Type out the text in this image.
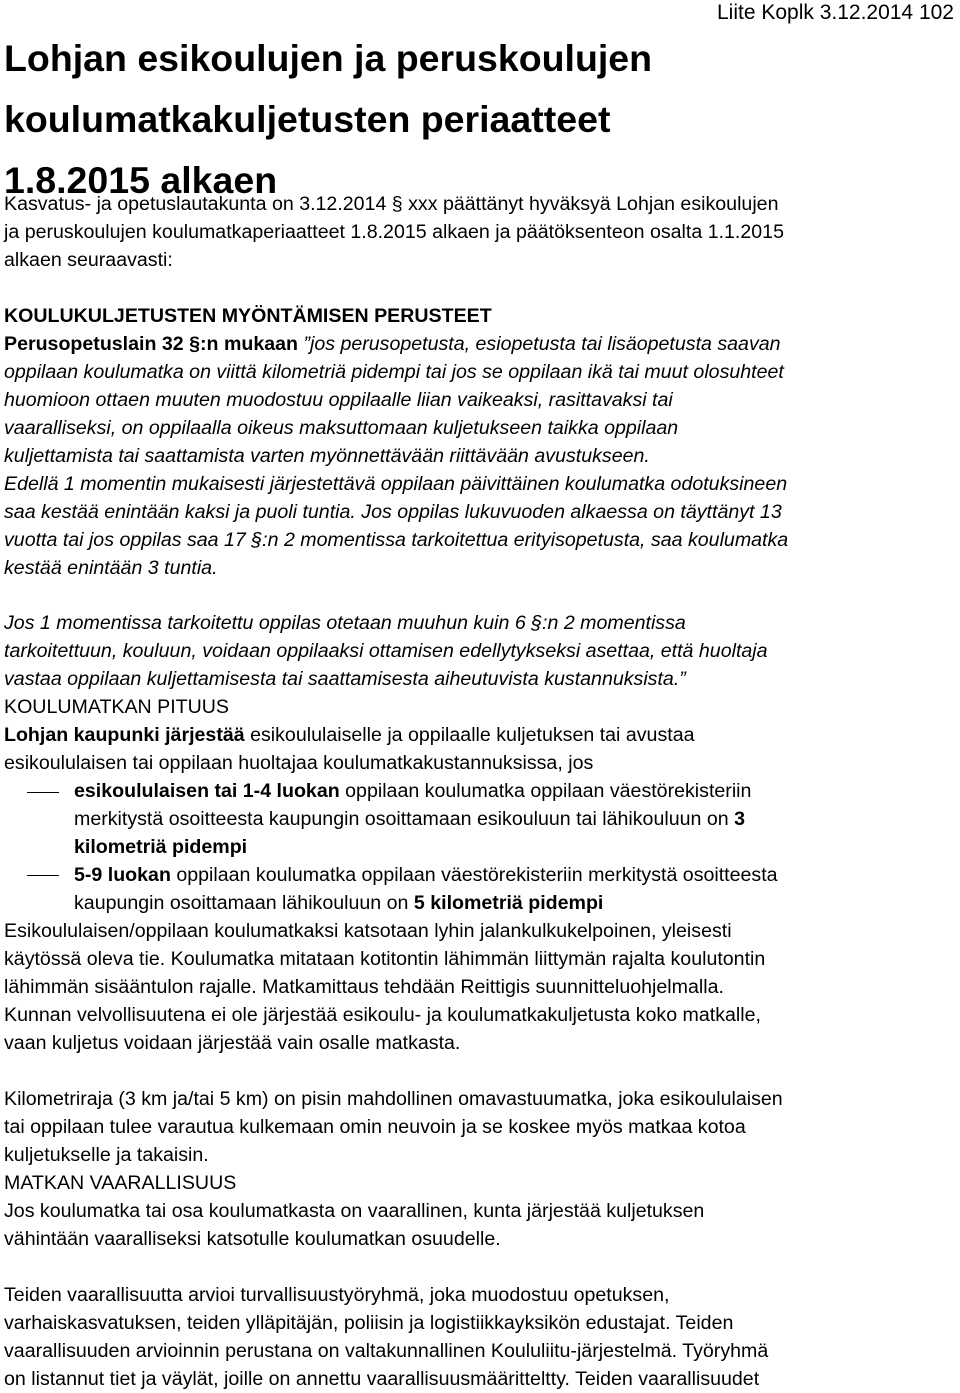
Liite Koplk 3.12.2014 102
Lohjan esikoulujen ja peruskoulujen
koulumatkakuljetusten periaatteet
1.8.2015 alkaen
Kasvatus- ja opetuslautakunta on 3.12.2014 § xxx päättänyt hyväksyä Lohjan esikoulujen
ja peruskoulujen koulumatkaperiaatteet 1.8.2015 alkaen ja päätöksenteon osalta 1.1.2015
alkaen seuraavasti:
KOULUKULJETUSTEN MYÖNTÄMISEN PERUSTEET
Perusopetuslain 32 §:n mukaan ”jos perusopetusta, esiopetusta tai lisäopetusta saavan
oppilaan koulumatka on viittä kilometriä pidempi tai jos se oppilaan ikä tai muut olosuhteet
huomioon ottaen muuten muodostuu oppilaalle liian vaikeaksi, rasittavaksi tai
vaaralliseksi, on oppilaalla oikeus maksuttomaan kuljetukseen taikka oppilaan
kuljettamista tai saattamista varten myönnettävään riittävään avustukseen.
Edellä 1 momentin mukaisesti järjestettävä oppilaan päivittäinen koulumatka odotuksineen
saa kestää enintään kaksi ja puoli tuntia. Jos oppilas lukuvuoden alkaessa on täyttänyt 13
vuotta tai jos oppilas saa 17 §:n 2 momentissa tarkoitettua erityisopetusta, saa koulumatka
kestää enintään 3 tuntia.
Jos 1 momentissa tarkoitettu oppilas otetaan muuhun kuin 6 §:n 2 momentissa
tarkoitettuun, kouluun, voidaan oppilaaksi ottamisen edellytykseksi asettaa, että huoltaja
vastaa oppilaan kuljettamisesta tai saattamisesta aiheutuvista kustannuksista.”
KOULUMATKAN PITUUS
Lohjan kaupunki järjestää esikoululaiselle ja oppilaalle kuljetuksen tai avustaa
esikoululaisen tai oppilaan huoltajaa koulumatkakustannuksissa, jos
esikoululaisen tai 1-4 luokan oppilaan koulumatka oppilaan väestörekisteriin
merkitystä osoitteesta kaupungin osoittamaan esikouluun tai lähikouluun on 3
kilometriä pidempi
5-9 luokan oppilaan koulumatka oppilaan väestörekisteriin merkitystä osoitteesta
kaupungin osoittamaan lähikouluun on 5 kilometriä pidempi
Esikoululaisen/oppilaan koulumatkaksi katsotaan lyhin jalankulkukelpoinen, yleisesti
käytössä oleva tie. Koulumatka mitataan kotitontin lähimmän liittymän rajalta koulutontin
lähimmän sisääntulon rajalle. Matkamittaus tehdään Reittigis suunnitteluohjelmalla.
Kunnan velvollisuutena ei ole järjestää esikoulu- ja koulumatkakuljetusta koko matkalle,
vaan kuljetus voidaan järjestää vain osalle matkasta.
Kilometriraja (3 km ja/tai 5 km) on pisin mahdollinen omavastuumatka, joka esikoululaisen
tai oppilaan tulee varautua kulkemaan omin neuvoin ja se koskee myös matkaa kotoa
kuljetukselle ja takaisin.
MATKAN VAARALLISUUS
Jos koulumatka tai osa koulumatkasta on vaarallinen, kunta järjestää kuljetuksen
vähintään vaaralliseksi katsotulle koulumatkan osuudelle.
Teiden vaarallisuutta arvioi turvallisuustyöryhmä, joka muodostuu opetuksen,
varhaiskasvatuksen, teiden ylläpitäjän, poliisin ja logistiikkayksikön edustajat. Teiden
vaarallisuuden arvioinnin perustana on valtakunnallinen Koululiitu-järjestelmä. Työryhmä
on listannut tiet ja väylät, joille on annettu vaarallisuusmääritteltty. Teiden vaarallisuudet
